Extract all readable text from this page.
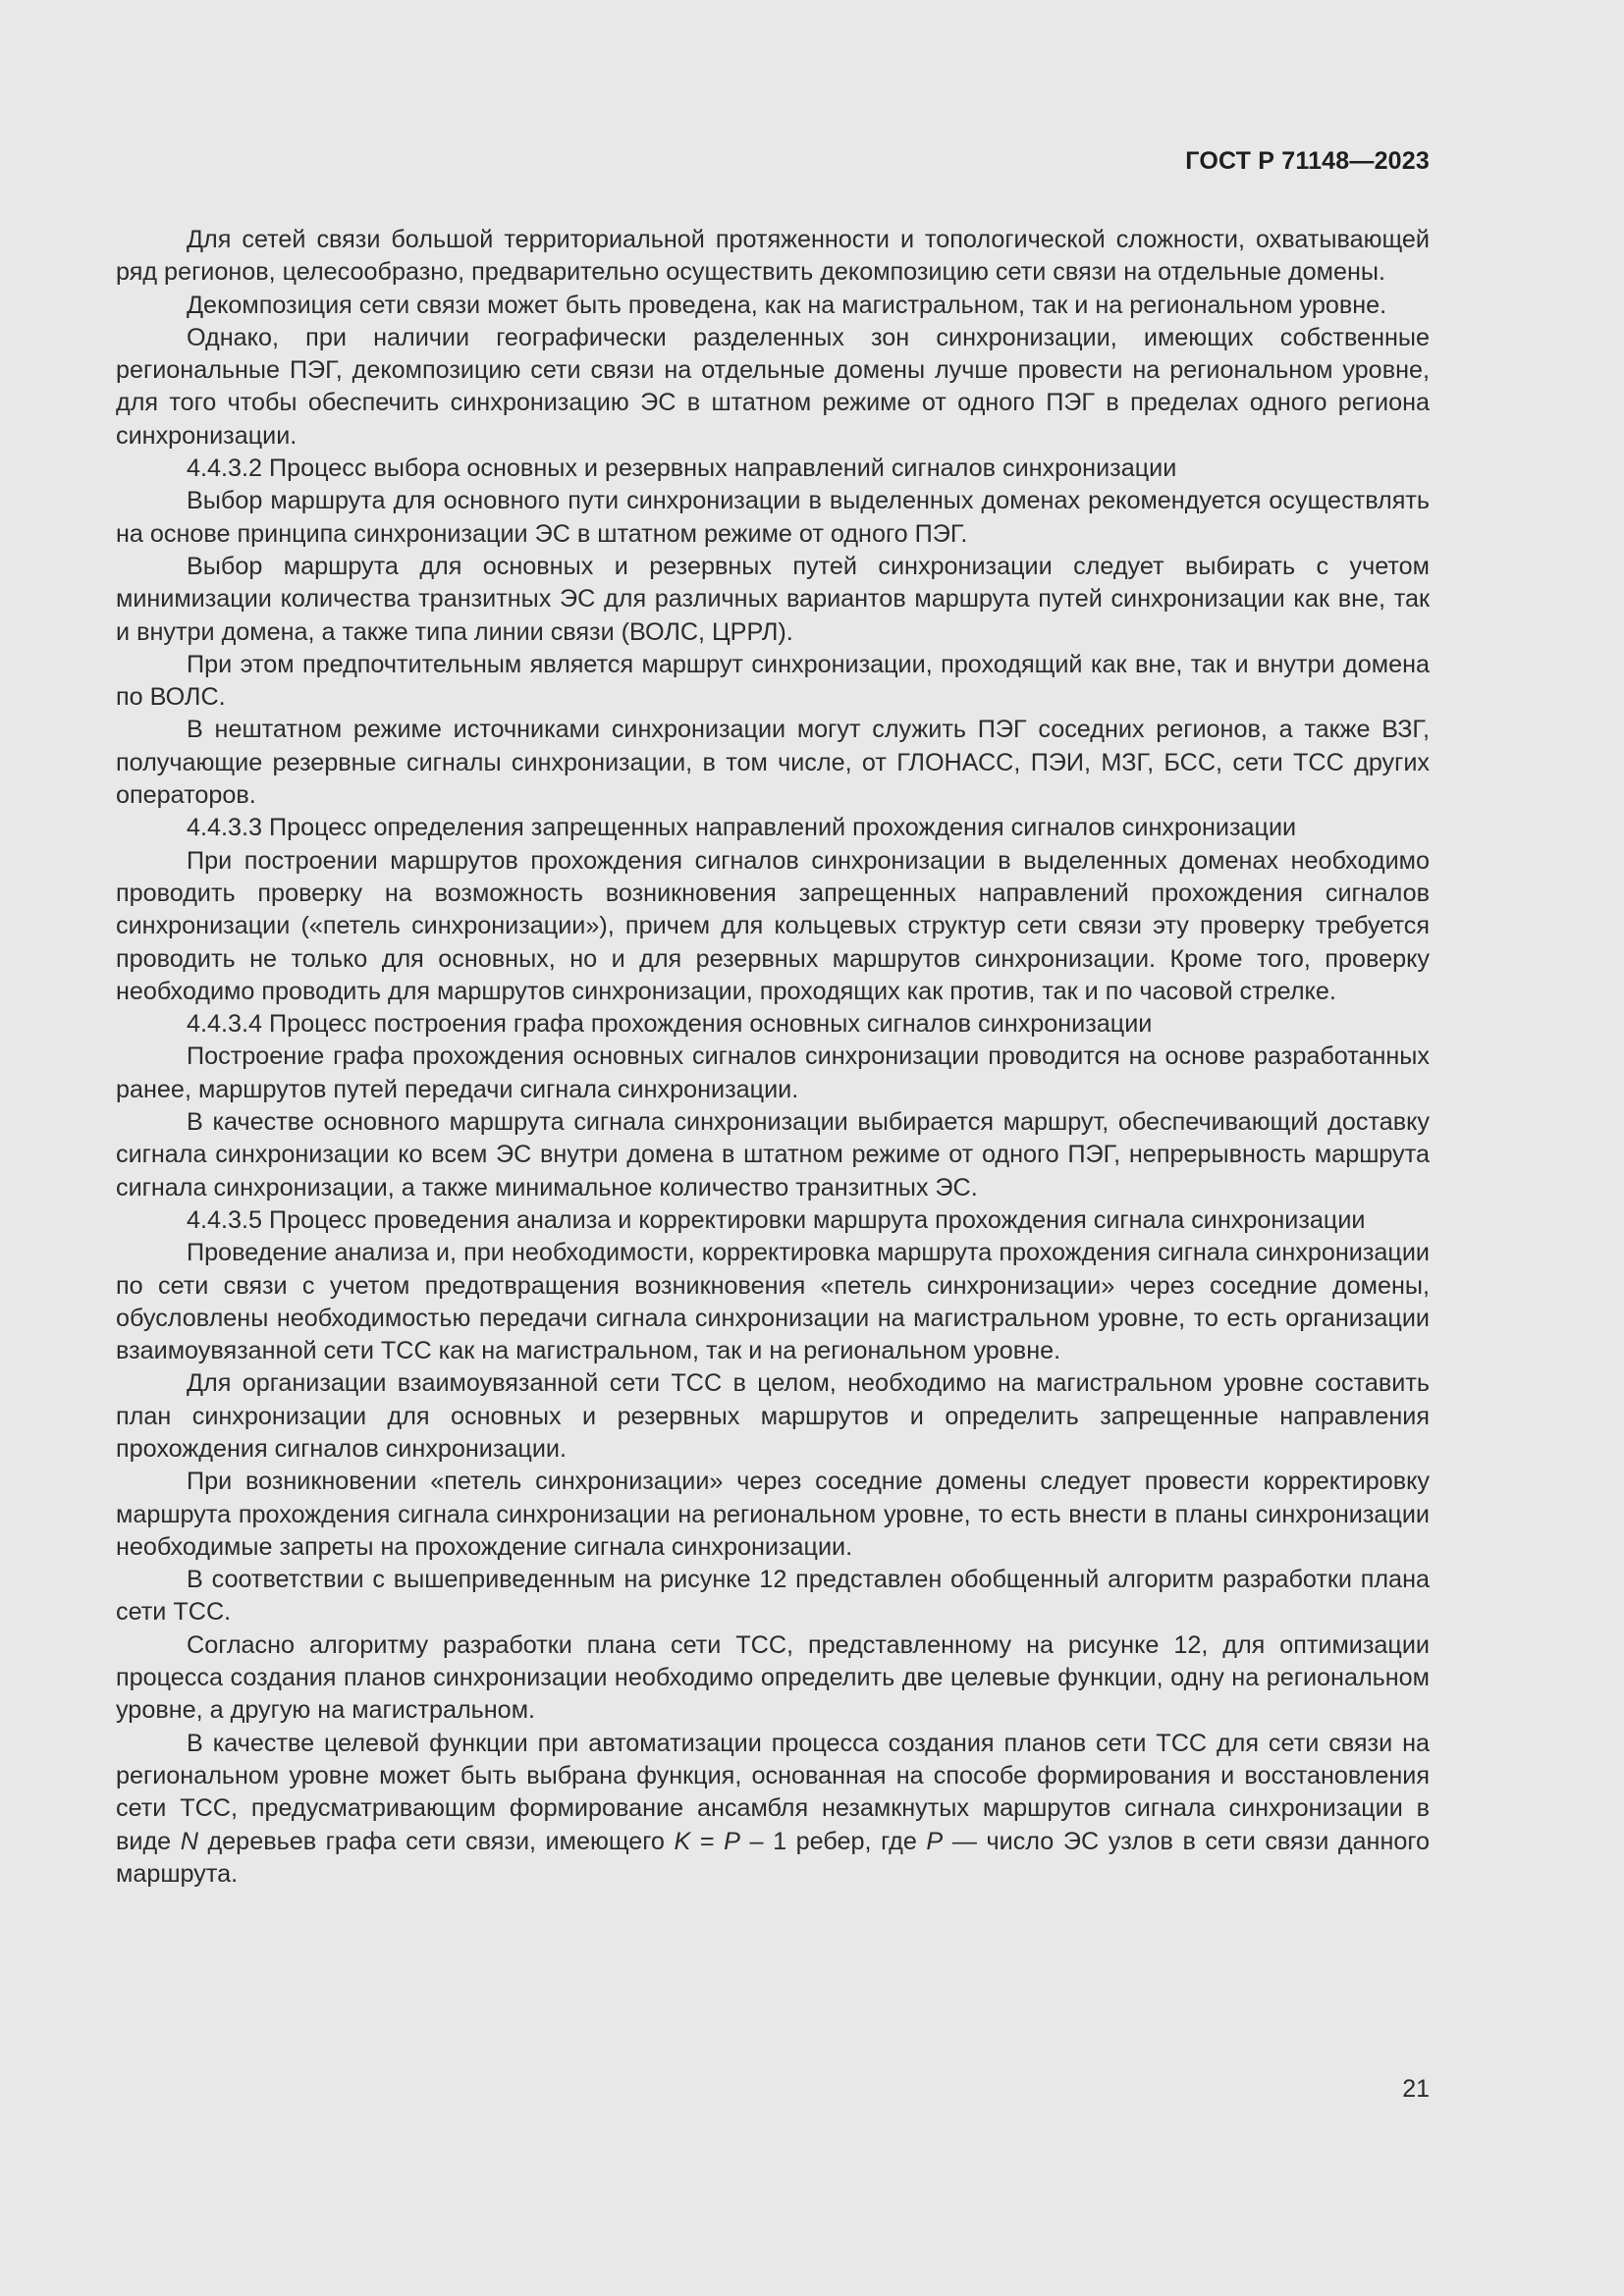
ГОСТ Р 71148—2023

Для сетей связи большой территориальной протяженности и топологической сложности, охватывающей ряд регионов, целесообразно, предварительно осуществить декомпозицию сети связи на отдельные домены.

Декомпозиция сети связи может быть проведена, как на магистральном, так и на региональном уровне.

Однако, при наличии географически разделенных зон синхронизации, имеющих собственные региональные ПЭГ, декомпозицию сети связи на отдельные домены лучше провести на региональном уровне, для того чтобы обеспечить синхронизацию ЭС в штатном режиме от одного ПЭГ в пределах одного региона синхронизации.

4.4.3.2 Процесс выбора основных и резервных направлений сигналов синхронизации

Выбор маршрута для основного пути синхронизации в выделенных доменах рекомендуется осуществлять на основе принципа синхронизации ЭС в штатном режиме от одного ПЭГ.

Выбор маршрута для основных и резервных путей синхронизации следует выбирать с учетом минимизации количества транзитных ЭС для различных вариантов маршрута путей синхронизации как вне, так и внутри домена, а также типа линии связи (ВОЛС, ЦРРЛ).

При этом предпочтительным является маршрут синхронизации, проходящий как вне, так и внутри домена по ВОЛС.

В нештатном режиме источниками синхронизации могут служить ПЭГ соседних регионов, а также ВЗГ, получающие резервные сигналы синхронизации, в том числе, от ГЛОНАСС, ПЭИ, МЗГ, БСС, сети ТСС других операторов.

4.4.3.3 Процесс определения запрещенных направлений прохождения сигналов синхронизации

При построении маршрутов прохождения сигналов синхронизации в выделенных доменах необходимо проводить проверку на возможность возникновения запрещенных направлений прохождения сигналов синхронизации («петель синхронизации»), причем для кольцевых структур сети связи эту проверку требуется проводить не только для основных, но и для резервных маршрутов синхронизации. Кроме того, проверку необходимо проводить для маршрутов синхронизации, проходящих как против, так и по часовой стрелке.

4.4.3.4 Процесс построения графа прохождения основных сигналов синхронизации

Построение графа прохождения основных сигналов синхронизации проводится на основе разработанных ранее, маршрутов путей передачи сигнала синхронизации.

В качестве основного маршрута сигнала синхронизации выбирается маршрут, обеспечивающий доставку сигнала синхронизации ко всем ЭС внутри домена в штатном режиме от одного ПЭГ, непрерывность маршрута сигнала синхронизации, а также минимальное количество транзитных ЭС.

4.4.3.5 Процесс проведения анализа и корректировки маршрута прохождения сигнала синхронизации

Проведение анализа и, при необходимости, корректировка маршрута прохождения сигнала синхронизации по сети связи с учетом предотвращения возникновения «петель синхронизации» через соседние домены, обусловлены необходимостью передачи сигнала синхронизации на магистральном уровне, то есть организации взаимоувязанной сети ТСС как на магистральном, так и на региональном уровне.

Для организации взаимоувязанной сети ТСС в целом, необходимо на магистральном уровне составить план синхронизации для основных и резервных маршрутов и определить запрещенные направления прохождения сигналов синхронизации.

При возникновении «петель синхронизации» через соседние домены следует провести корректировку маршрута прохождения сигнала синхронизации на региональном уровне, то есть внести в планы синхронизации необходимые запреты на прохождение сигнала синхронизации.

В соответствии с вышеприведенным на рисунке 12 представлен обобщенный алгоритм разработки плана сети ТСС.

Согласно алгоритму разработки плана сети ТСС, представленному на рисунке 12, для оптимизации процесса создания планов синхронизации необходимо определить две целевые функции, одну на региональном уровне, а другую на магистральном.

В качестве целевой функции при автоматизации процесса создания планов сети ТСС для сети связи на региональном уровне может быть выбрана функция, основанная на способе формирования и восстановления сети ТСС, предусматривающим формирование ансамбля незамкнутых маршрутов сигнала синхронизации в виде N деревьев графа сети связи, имеющего K = P – 1 ребер, где P — число ЭС узлов в сети связи данного маршрута.

21
